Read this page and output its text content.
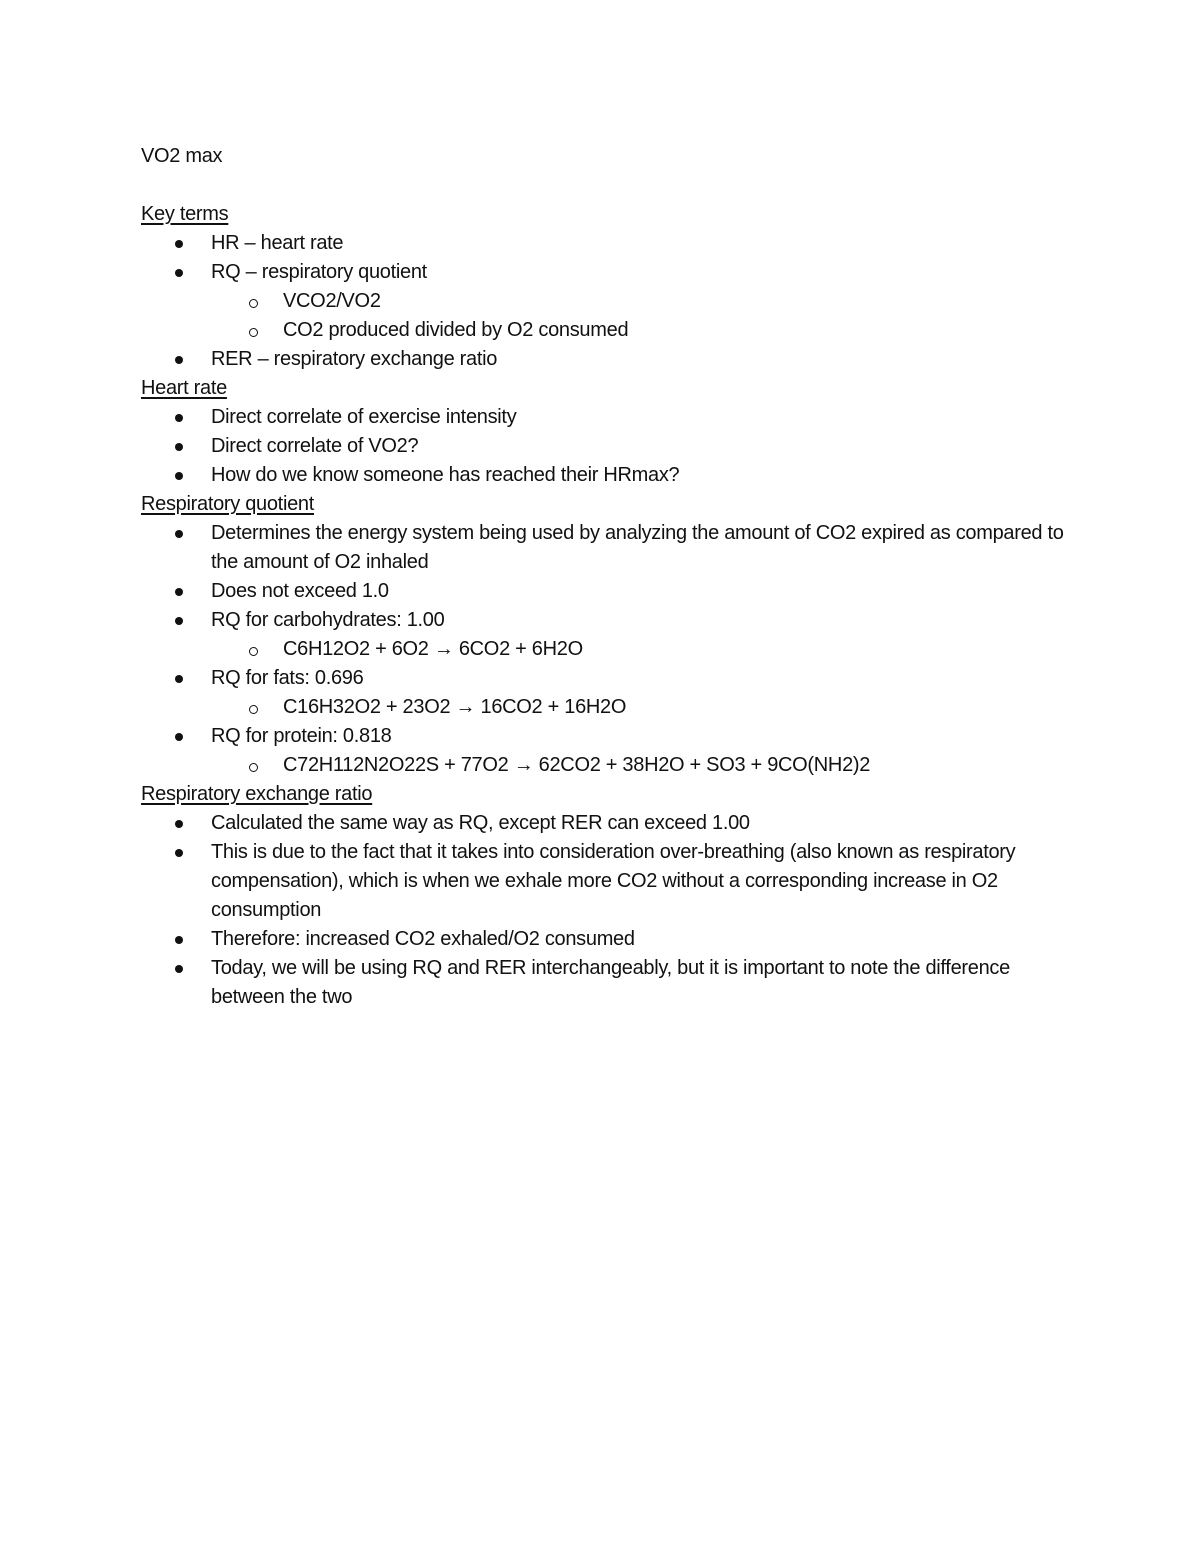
VO2 max
Key terms
HR – heart rate
RQ – respiratory quotient
VCO2/VO2
CO2 produced divided by O2 consumed
RER – respiratory exchange ratio
Heart rate
Direct correlate of exercise intensity
Direct correlate of VO2?
How do we know someone has reached their HRmax?
Respiratory quotient
Determines the energy system being used by analyzing the amount of CO2 expired as compared to the amount of O2 inhaled
Does not exceed 1.0
RQ for carbohydrates: 1.00
C6H12O2 + 6O2 → 6CO2 + 6H2O
RQ for fats: 0.696
C16H32O2 + 23O2 → 16CO2 + 16H2O
RQ for protein: 0.818
C72H112N2O22S + 77O2 → 62CO2 + 38H2O + SO3 + 9CO(NH2)2
Respiratory exchange ratio
Calculated the same way as RQ, except RER can exceed 1.00
This is due to the fact that it takes into consideration over-breathing (also known as respiratory compensation), which is when we exhale more CO2 without a corresponding increase in O2 consumption
Therefore: increased CO2 exhaled/O2 consumed
Today, we will be using RQ and RER interchangeably, but it is important to note the difference between the two
